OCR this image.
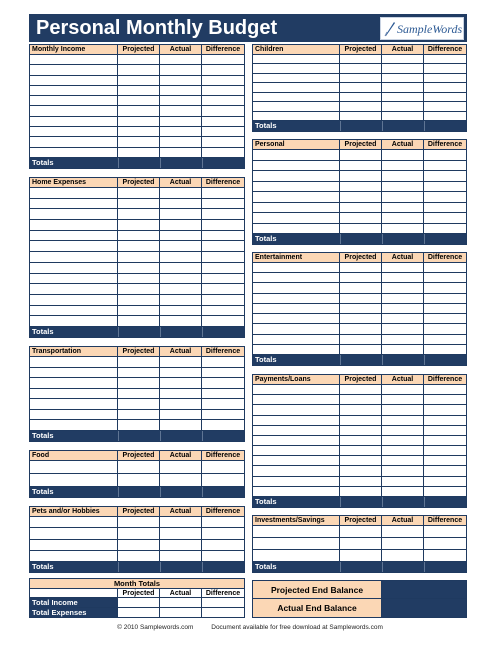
Personal Monthly Budget	SampleWords
Monthly Income	Projected	Actual	Difference
Totals
Home Expenses	Projected	Actual	Difference
Totals
Transportation	Projected	Actual	Difference
Totals
Food	Projected	Actual	Difference
Totals
Pets and/or Hobbies	Projected	Actual	Difference
Totals
Children	Projected	Actual	Difference
Totals
Personal	Projected	Actual	Difference
Totals
Entertainment	Projected	Actual	Difference
Totals
Payments/Loans	Projected	Actual	Difference
Totals
Investments/Savings	Projected	Actual	Difference
Totals
Month Totals
Projected	Actual	Difference
Total Income
Total Expenses
Projected End Balance
Actual End Balance
© 2010 Samplewords.com	Document available for free download at Samplewords.com
